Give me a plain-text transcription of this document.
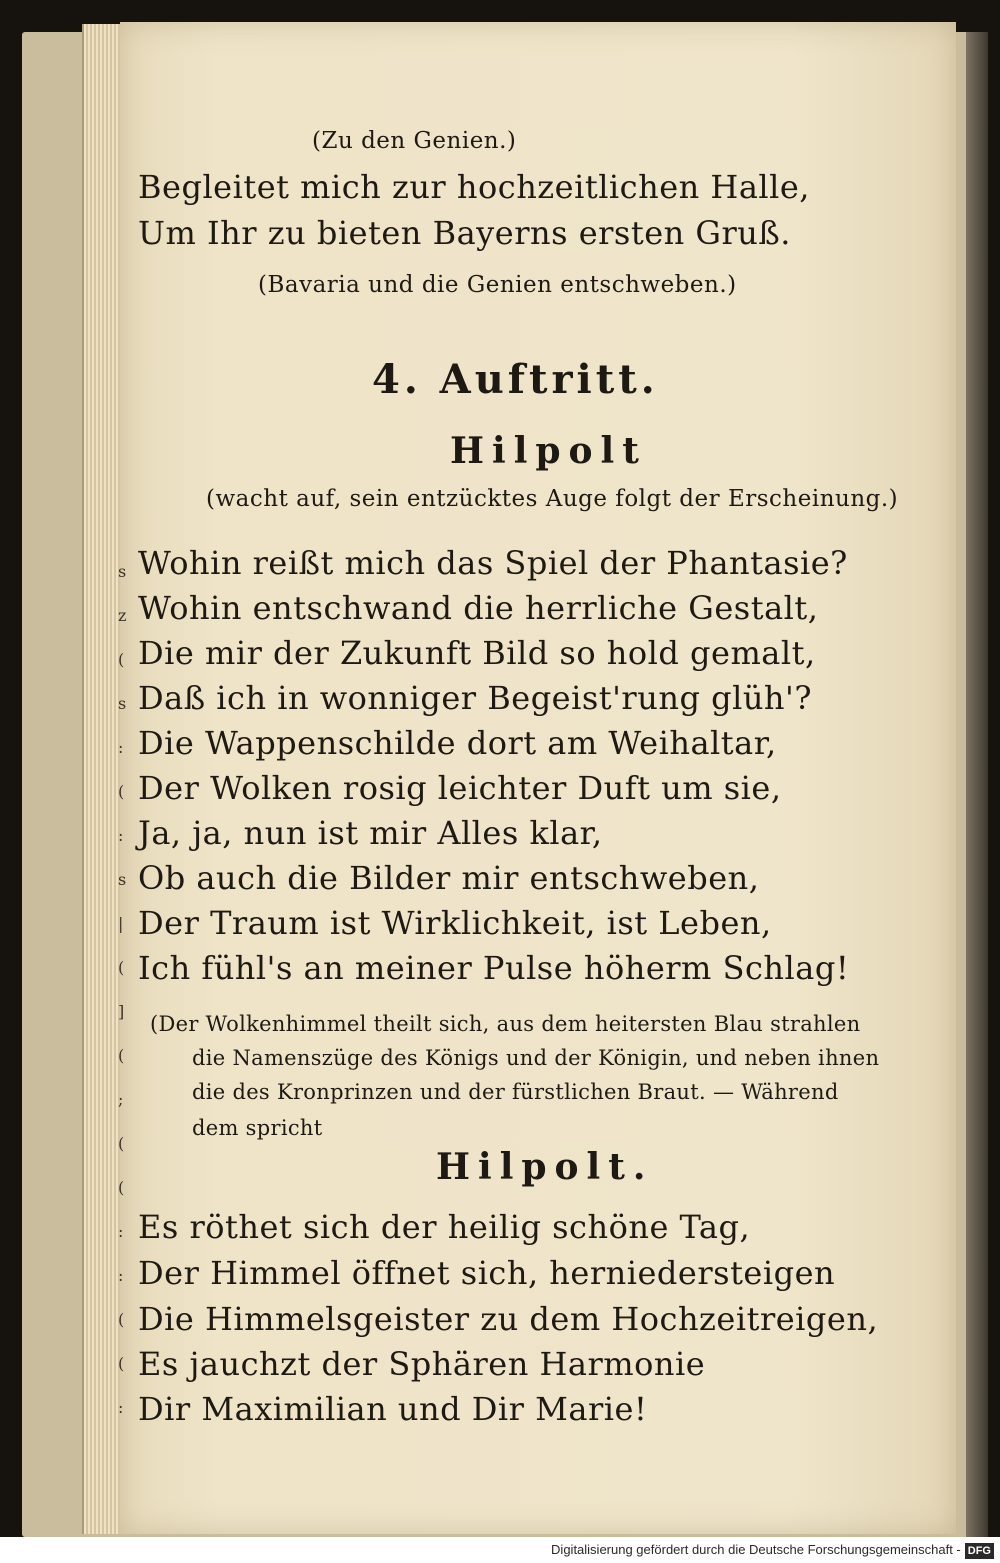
s
z
(
s
:
(
:
s
|
(
]
(
;
(
(
:
:
(
(
:
(Zu den Genien.)
Begleitet mich zur hochzeitlichen Halle,
Um Ihr zu bieten Bayerns ersten Gruß.
(Bavaria und die Genien entschweben.)
4. Auftritt.
Hilpolt
(wacht auf, sein entzücktes Auge folgt der Erscheinung.)
Wohin reißt mich das Spiel der Phantasie?
Wohin entschwand die herrliche Gestalt,
Die mir der Zukunft Bild so hold gemalt,
Daß ich in wonniger Begeist'rung glüh'?
Die Wappenschilde dort am Weihaltar,
Der Wolken rosig leichter Duft um sie,
Ja, ja, nun ist mir Alles klar,
Ob auch die Bilder mir entschweben,
Der Traum ist Wirklichkeit, ist Leben,
Ich fühl's an meiner Pulse höherm Schlag!
(Der Wolkenhimmel theilt sich, aus dem heitersten Blau strahlen
die Namenszüge des Königs und der Königin, und neben ihnen
die des Kronprinzen und der fürstlichen Braut. — Während
dem spricht
Hilpolt.
Es röthet sich der heilig schöne Tag,
Der Himmel öffnet sich, herniedersteigen
Die Himmelsgeister zu dem Hochzeitreigen,
Es jauchzt der Sphären Harmonie
Dir Maximilian und Dir Marie!
Digitalisierung gefördert durch die Deutsche Forschungsgemeinschaft - DFG
